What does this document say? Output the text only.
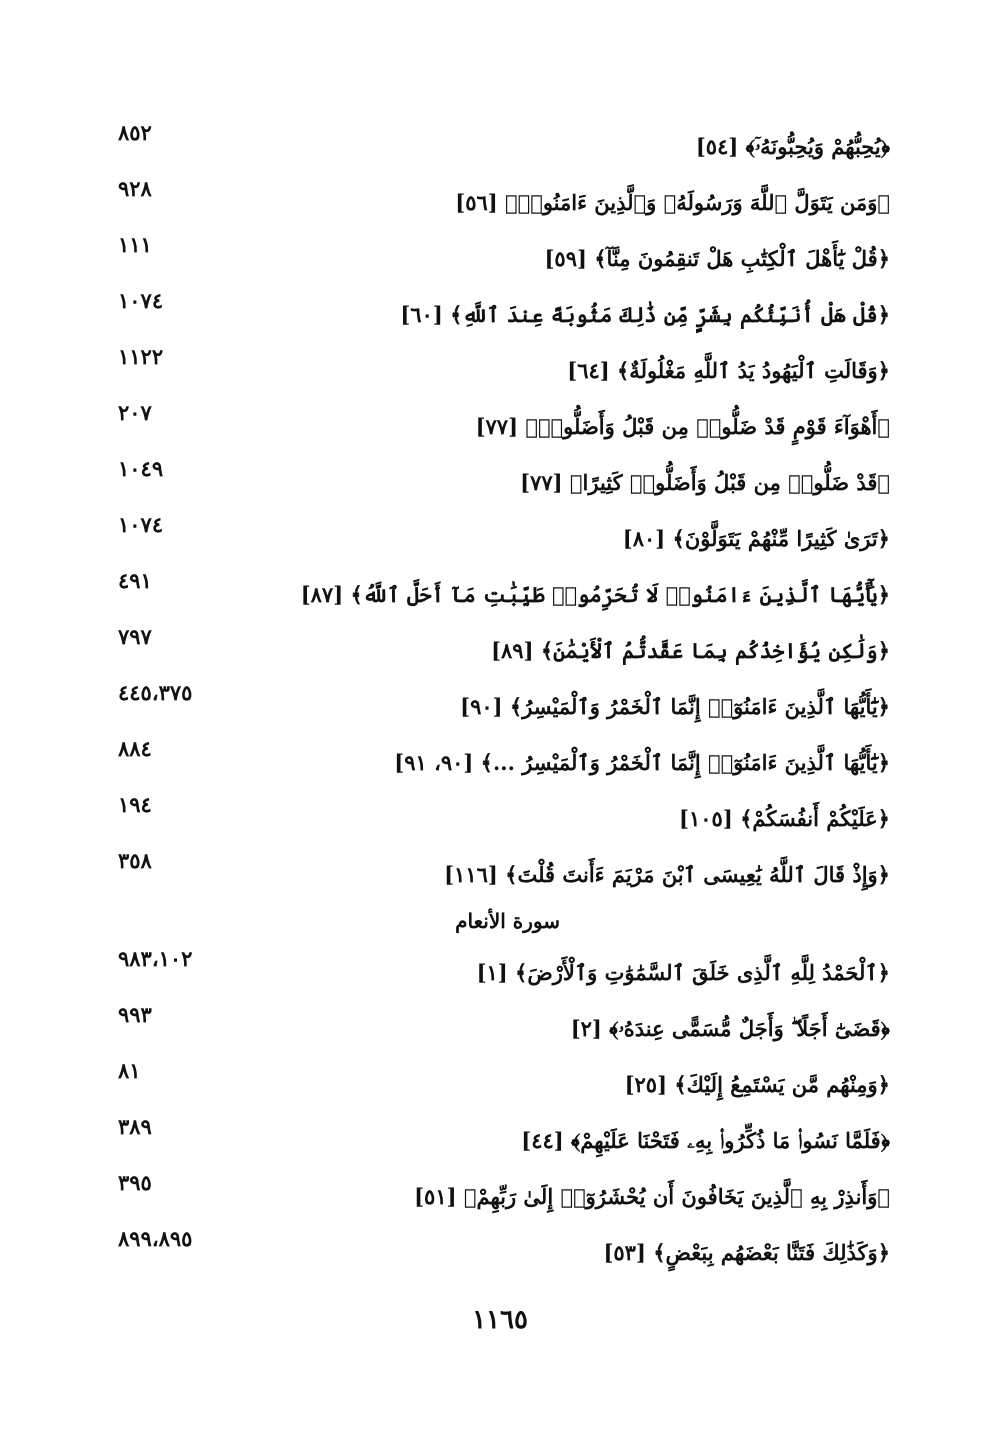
﴿يُحِبُّهُمْ وَيُحِبُّونَهُۥٓ﴾ [٥٤]
٨٥٢
﴿وَمَن يَتَوَلَّ ٱللَّهَ وَرَسُولَهُۥ وَٱلَّذِينَ ءَامَنُوا۟﴾ [٥٦]
٩٢٨
﴿قُلْ يَٰٓأَهْلَ ٱلْكِتَٰبِ هَلْ تَنقِمُونَ مِنَّآ﴾ [٥٩]
١١١
﴿قُلْ هَلْ أُنَبِّئُكُم بِشَرٍّ مِّن ذَٰلِكَ مَثُوبَةً عِندَ ٱللَّهِ﴾ [٦٠]
١٠٧٤
﴿وَقَالَتِ ٱلْيَهُودُ يَدُ ٱللَّهِ مَغْلُولَةٌ﴾ [٦٤]
١١٢٢
﴿أَهْوَآءَ قَوْمٍ قَدْ ضَلُّوا۟ مِن قَبْلُ وَأَضَلُّوا۟﴾ [٧٧]
٢٠٧
﴿قَدْ ضَلُّوا۟ مِن قَبْلُ وَأَضَلُّوا۟ كَثِيرًا﴾ [٧٧]
١٠٤٩
﴿تَرَىٰ كَثِيرًا مِّنْهُمْ يَتَوَلَّوْنَ﴾ [٨٠]
١٠٧٤
﴿يَٰٓأَيُّهَا ٱلَّذِينَ ءَامَنُوا۟ لَا تُحَرِّمُوا۟ طَيِّبَٰتِ مَآ أَحَلَّ ٱللَّهُ﴾ [٨٧]
٤٩١
﴿وَلَٰكِن يُؤَاخِذُكُم بِمَا عَقَّدتُّمُ ٱلْأَيْمَٰنَ﴾ [٨٩]
٧٩٧
﴿يَٰٓأَيُّهَا ٱلَّذِينَ ءَامَنُوٓا۟ إِنَّمَا ٱلْخَمْرُ وَٱلْمَيْسِرُ﴾ [٩٠]
٤٤٥،٣٧٥
﴿يَٰٓأَيُّهَا ٱلَّذِينَ ءَامَنُوٓا۟ إِنَّمَا ٱلْخَمْرُ وَٱلْمَيْسِرُ ...﴾ [٩٠، ٩١]
٨٨٤
﴿عَلَيْكُمْ أَنفُسَكُمْ﴾ [١٠٥]
١٩٤
﴿وَإِذْ قَالَ ٱللَّهُ يَٰعِيسَى ٱبْنَ مَرْيَمَ ءَأَنتَ قُلْتَ﴾ [١١٦]
٣٥٨
سورة الأنعام
﴿ٱلْحَمْدُ لِلَّهِ ٱلَّذِى خَلَقَ ٱلسَّمَٰوَٰتِ وَٱلْأَرْضَ﴾ [١]
٩٨٣،١٠٢
﴿قَضَىٰٓ أَجَلًا ۖ وَأَجَلٌ مُّسَمًّى عِندَهُۥ﴾ [٢]
٩٩٣
﴿وَمِنْهُم مَّن يَسْتَمِعُ إِلَيْكَ﴾ [٢٥]
٨١
﴿فَلَمَّا نَسُوا۟ مَا ذُكِّرُوا۟ بِهِۦ فَتَحْنَا عَلَيْهِمْ﴾ [٤٤]
٣٨٩
﴿وَأَنذِرْ بِهِ ٱلَّذِينَ يَخَافُونَ أَن يُحْشَرُوٓا۟ إِلَىٰ رَبِّهِمْ﴾ [٥١]
٣٩٥
﴿وَكَذَٰلِكَ فَتَنَّا بَعْضَهُم بِبَعْضٍ﴾ [٥٣]
٨٩٩،٨٩٥
١١٦٥
